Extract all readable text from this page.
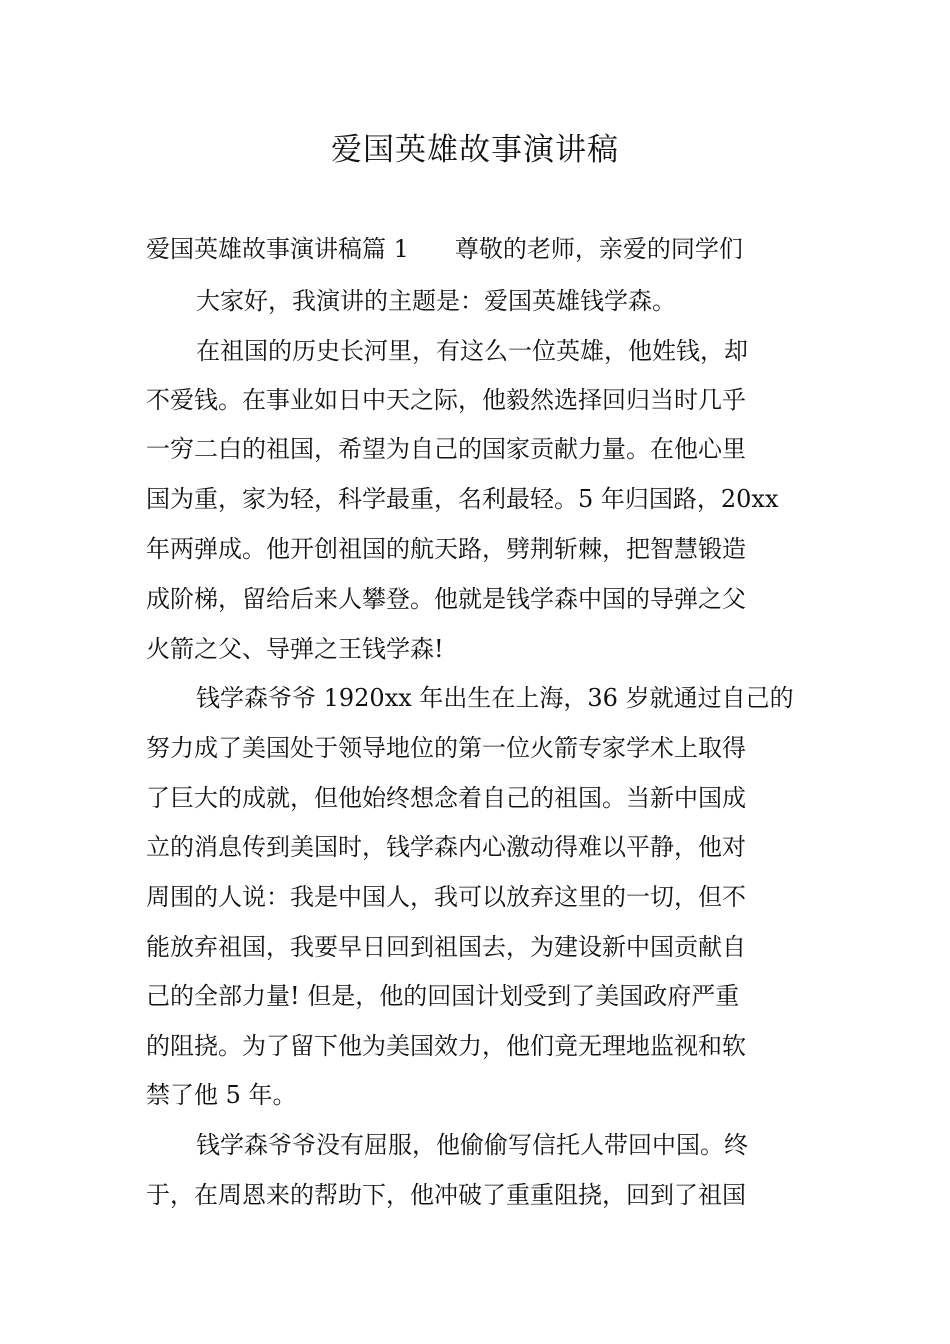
爱国英雄故事演讲稿
爱国英雄故事演讲稿篇 1 尊敬的老师，亲爱的同学们
大家好，我演讲的主题是：爱国英雄钱学森。
在祖国的历史长河里，有这么一位英雄，他姓钱，却
不爱钱。在事业如日中天之际，他毅然选择回归当时几乎
一穷二白的祖国，希望为自己的国家贡献力量。在他心里
国为重，家为轻，科学最重，名利最轻。5 年归国路，20xx
年两弹成。他开创祖国的航天路，劈荆斩棘，把智慧锻造
成阶梯，留给后来人攀登。他就是钱学森中国的导弹之父
火箭之父、导弹之王钱学森!
钱学森爷爷 1920xx 年出生在上海，36 岁就通过自己的
努力成了美国处于领导地位的第一位火箭专家学术上取得
了巨大的成就，但他始终想念着自己的祖国。当新中国成
立的消息传到美国时，钱学森内心激动得难以平静，他对
周围的人说：我是中国人，我可以放弃这里的一切，但不
能放弃祖国，我要早日回到祖国去，为建设新中国贡献自
己的全部力量! 但是，他的回国计划受到了美国政府严重
的阻挠。为了留下他为美国效力，他们竟无理地监视和软
禁了他 5 年。
钱学森爷爷没有屈服，他偷偷写信托人带回中国。终
于，在周恩来的帮助下，他冲破了重重阻挠，回到了祖国
